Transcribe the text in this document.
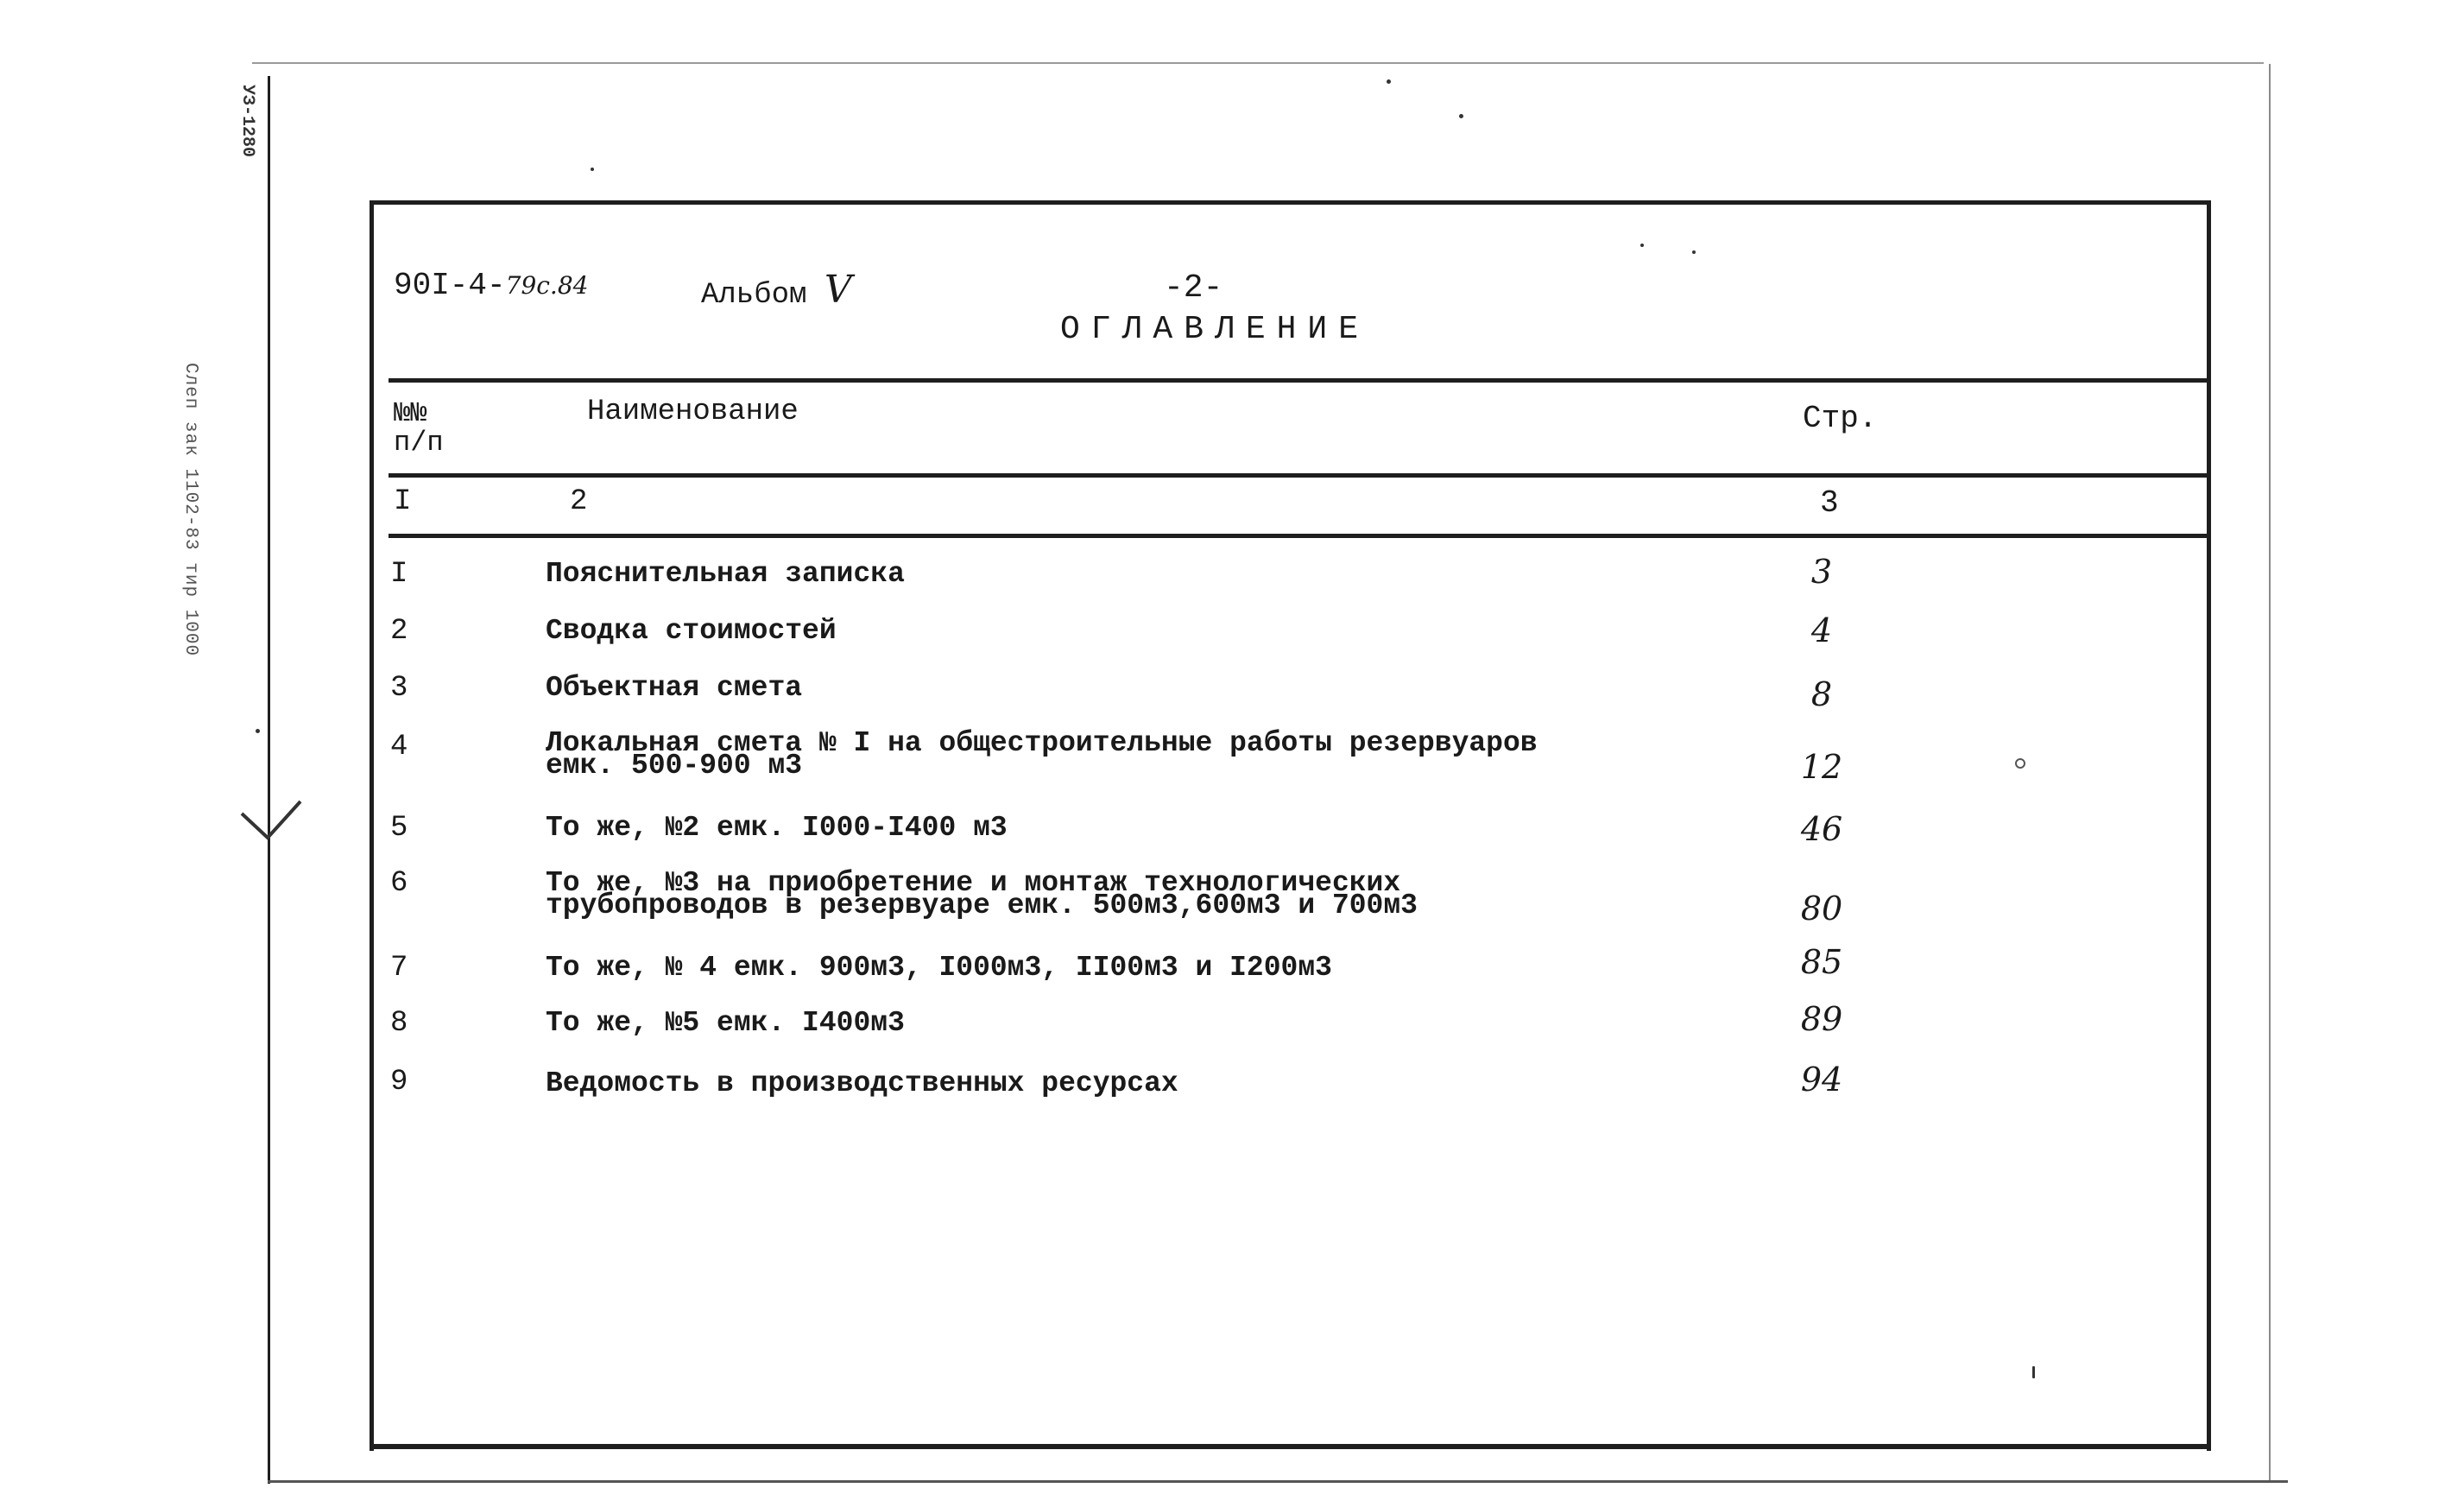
Слеп зак 1102-83 тир 1000
УЗ-1280
90I-4-79с.84	Альбом V	-2-
ОГЛАВЛЕНИЕ
№№
п/п
Наименование	Стр.
I	2	3
I	Пояснительная записка	3
2	Сводка стоимостей	4
3	Объектная смета	8
4	Локальная смета № I на общестроительные работы резервуаров
емк. 500-900 м3	12
5	То же, №2 емк. I000-I400 м3	46
6	То же, №3 на приобретение и монтаж технологических
трубопроводов в резервуаре емк. 500м3,600м3 и 700м3	80
7	То же, № 4 емк. 900м3, I000м3, II00м3 и I200м3	85
8	То же, №5 емк. I400м3	89
9	Ведомость в производственных ресурсах	94
